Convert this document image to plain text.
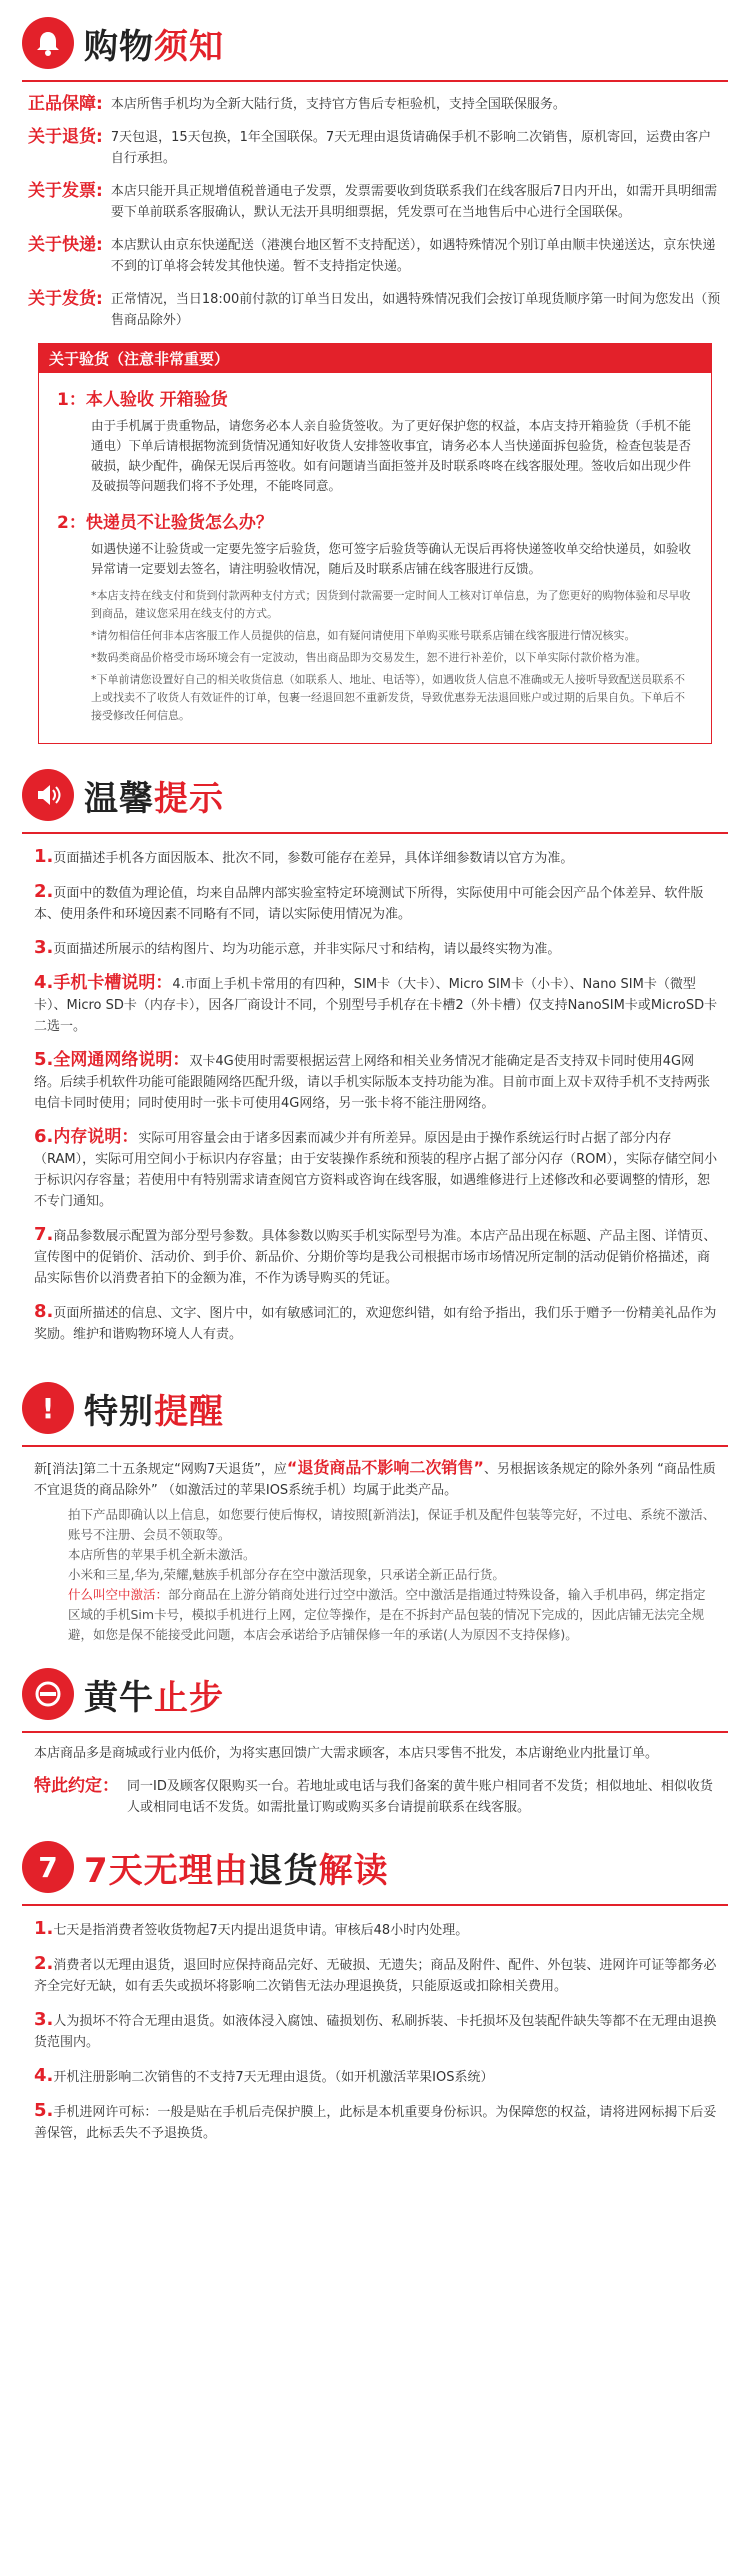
购物须知
正品保障: 本店所售手机均为全新大陆行货，支持官方售后专柜验机，支持全国联保服务。
关于退货: 7天包退，15天包换，1年全国联保。7天无理由退货请确保手机不影响二次销售，原机寄回，运费由客户自行承担。
关于发票: 本店只能开具正规增值税普通电子发票，发票需要收到货联系我们在线客服后7日内开出，如需开具明细需要下单前联系客服确认，默认无法开具明细票据，凭发票可在当地售后中心进行全国联保。
关于快递: 本店默认由京东快递配送（港澳台地区暂不支持配送），如遇特殊情况个别订单由顺丰快递送达，京东快递不到的订单将会转发其他快递。暂不支持指定快递。
关于发货: 正常情况，当日18:00前付款的订单当日发出，如遇特殊情况我们会按订单现货顺序第一时间为您发出（预售商品除外）
关于验货（注意非常重要）
1：本人验收 开箱验货
由于手机属于贵重物品，请您务必本人亲自验货签收。为了更好保护您的权益，本店支持开箱验货（手机不能通电）下单后请根据物流到货情况通知好收货人安排签收事宜，请务必本人当快递面拆包验货，检查包装是否破损，缺少配件，确保无误后再签收。如有问题请当面拒签并及时联系咚咚在线客服处理。签收后如出现少件及破损等问题我们将不予处理，不能咚同意。
2：快递员不让验货怎么办？
如遇快递不让验货或一定要先签字后验货，您可签字后验货等确认无误后再将快递签收单交给快递员，如验收异常请一定要划去签名，请注明验收情况，随后及时联系店铺在线客服进行反馈。

*本店支持在线支付和货到付款两种支付方式；因货到付款需要一定时间人工核对订单信息，为了您更好的购物体验和尽早收到商品，建议您采用在线支付的方式。

*请勿相信任何非本店客服工作人员提供的信息，如有疑问请使用下单购买账号联系店铺在线客服进行情况核实。

*数码类商品价格受市场环境会有一定波动，售出商品即为交易发生，恕不进行补差价，以下单实际付款价格为准。

*下单前请您设置好自己的相关收货信息（如联系人、地址、电话等），如遇收货人信息不准确或无人接听导致配送员联系不上或找卖不了收货人有效证件的订单，包裹一经退回恕不重新发货，导致优惠券无法退回账户或过期的后果自负。下单后不接受修改任何信息。

温馨提示
1.页面描述手机各方面因版本、批次不同，参数可能存在差异，具体详细参数请以官方为准。
2.页面中的数值为理论值，均来自品牌内部实验室特定环境测试下所得，实际使用中可能会因产品个体差异、软件版本、使用条件和环境因素不同略有不同，请以实际使用情况为准。
3.页面描述所展示的结构图片、均为功能示意，并非实际尺寸和结构，请以最终实物为准。
4.手机卡槽说明：4.市面上手机卡常用的有四种，SIM卡（大卡）、Micro SIM卡（小卡）、Nano SIM卡（微型卡）、Micro SD卡（内存卡），因各厂商设计不同，个别型号手机存在卡槽2（外卡槽）仅支持NanoSIM卡或MicroSD卡二选一。
5.全网通网络说明：双卡4G使用时需要根据运营上网络和相关业务情况才能确定是否支持双卡同时使用4G网络。后续手机软件功能可能跟随网络匹配升级，请以手机实际版本支持功能为准。目前市面上双卡双待手机不支持两张电信卡同时使用；同时使用时一张卡可使用4G网络，另一张卡将不能注册网络。
6.内存说明：实际可用容量会由于诸多因素而减少并有所差异。原因是由于操作系统运行时占据了部分内存（RAM），实际可用空间小于标识内存容量；由于安装操作系统和预装的程序占据了部分闪存（ROM），实际存储空间小于标识闪存容量；若使用中有特别需求请查阅官方资料或咨询在线客服，如遇维修进行上述修改和必要调整的情形，恕不专门通知。
7.商品参数展示配置为部分型号参数。具体参数以购买手机实际型号为准。本店产品出现在标题、产品主图、详情页、宣传图中的促销价、活动价、到手价、新品价、分期价等均是我公司根据市场市场情况所定制的活动促销价格描述，商品实际售价以消费者拍下的金额为准，不作为诱导购买的凭证。
8.页面所描述的信息、文字、图片中，如有敏感词汇的，欢迎您纠错，如有给予指出，我们乐于赠予一份精美礼品作为奖励。维护和谐购物环境人人有责。
! 特别提醒
新[消法]第二十五条规定“网购7天退货”，应“退货商品不影响二次销售”、另根据该条规定的除外条列 “商品性质不宜退货的商品除外” （如激活过的苹果IOS系统手机）均属于此类产品。
拍下产品即确认以上信息，如您要行使后悔权，请按照[新消法]，保证手机及配件包装等完好，不过电、系统不激活、账号不注册、会员不领取等。
本店所售的苹果手机全新未激活。
小米和三星,华为,荣耀,魅族手机部分存在空中激活现象，只承诺全新正品行货。
什么叫空中激活：部分商品在上游分销商处进行过空中激活。空中激活是指通过特殊设备，输入手机串码，绑定指定区域的手机Sim卡号，模拟手机进行上网，定位等操作，是在不拆封产品包装的情况下完成的，因此店铺无法完全规避，如您是保不能接受此问题，本店会承诺给予店铺保修一年的承诺(人为原因不支持保修)。
黄牛止步
本店商品多是商城或行业内低价，为将实惠回馈广大需求顾客，本店只零售不批发，本店谢绝业内批量订单。
特此约定： 同一ID及顾客仅限购买一台。若地址或电话与我们备案的黄牛账户相同者不发货；相似地址、相似收货人或相同电话不发货。如需批量订购或购买多台请提前联系在线客服。
7 7天无理由退货解读
1.七天是指消费者签收货物起7天内提出退货申请。审核后48小时内处理。
2.消费者以无理由退货，退回时应保持商品完好、无破损、无遗失；商品及附件、配件、外包装、进网许可证等都务必齐全完好无缺，如有丢失或损坏将影响二次销售无法办理退换货，只能原返或扣除相关费用。
3.人为损坏不符合无理由退货。如液体浸入腐蚀、磕损划伤、私刷拆装、卡托损坏及包装配件缺失等都不在无理由退换货范围内。
4.开机注册影响二次销售的不支持7天无理由退货。（如开机激活苹果IOS系统）
5.手机进网许可标：一般是贴在手机后壳保护膜上，此标是本机重要身份标识。为保障您的权益，请将进网标揭下后妥善保管，此标丢失不予退换货。
